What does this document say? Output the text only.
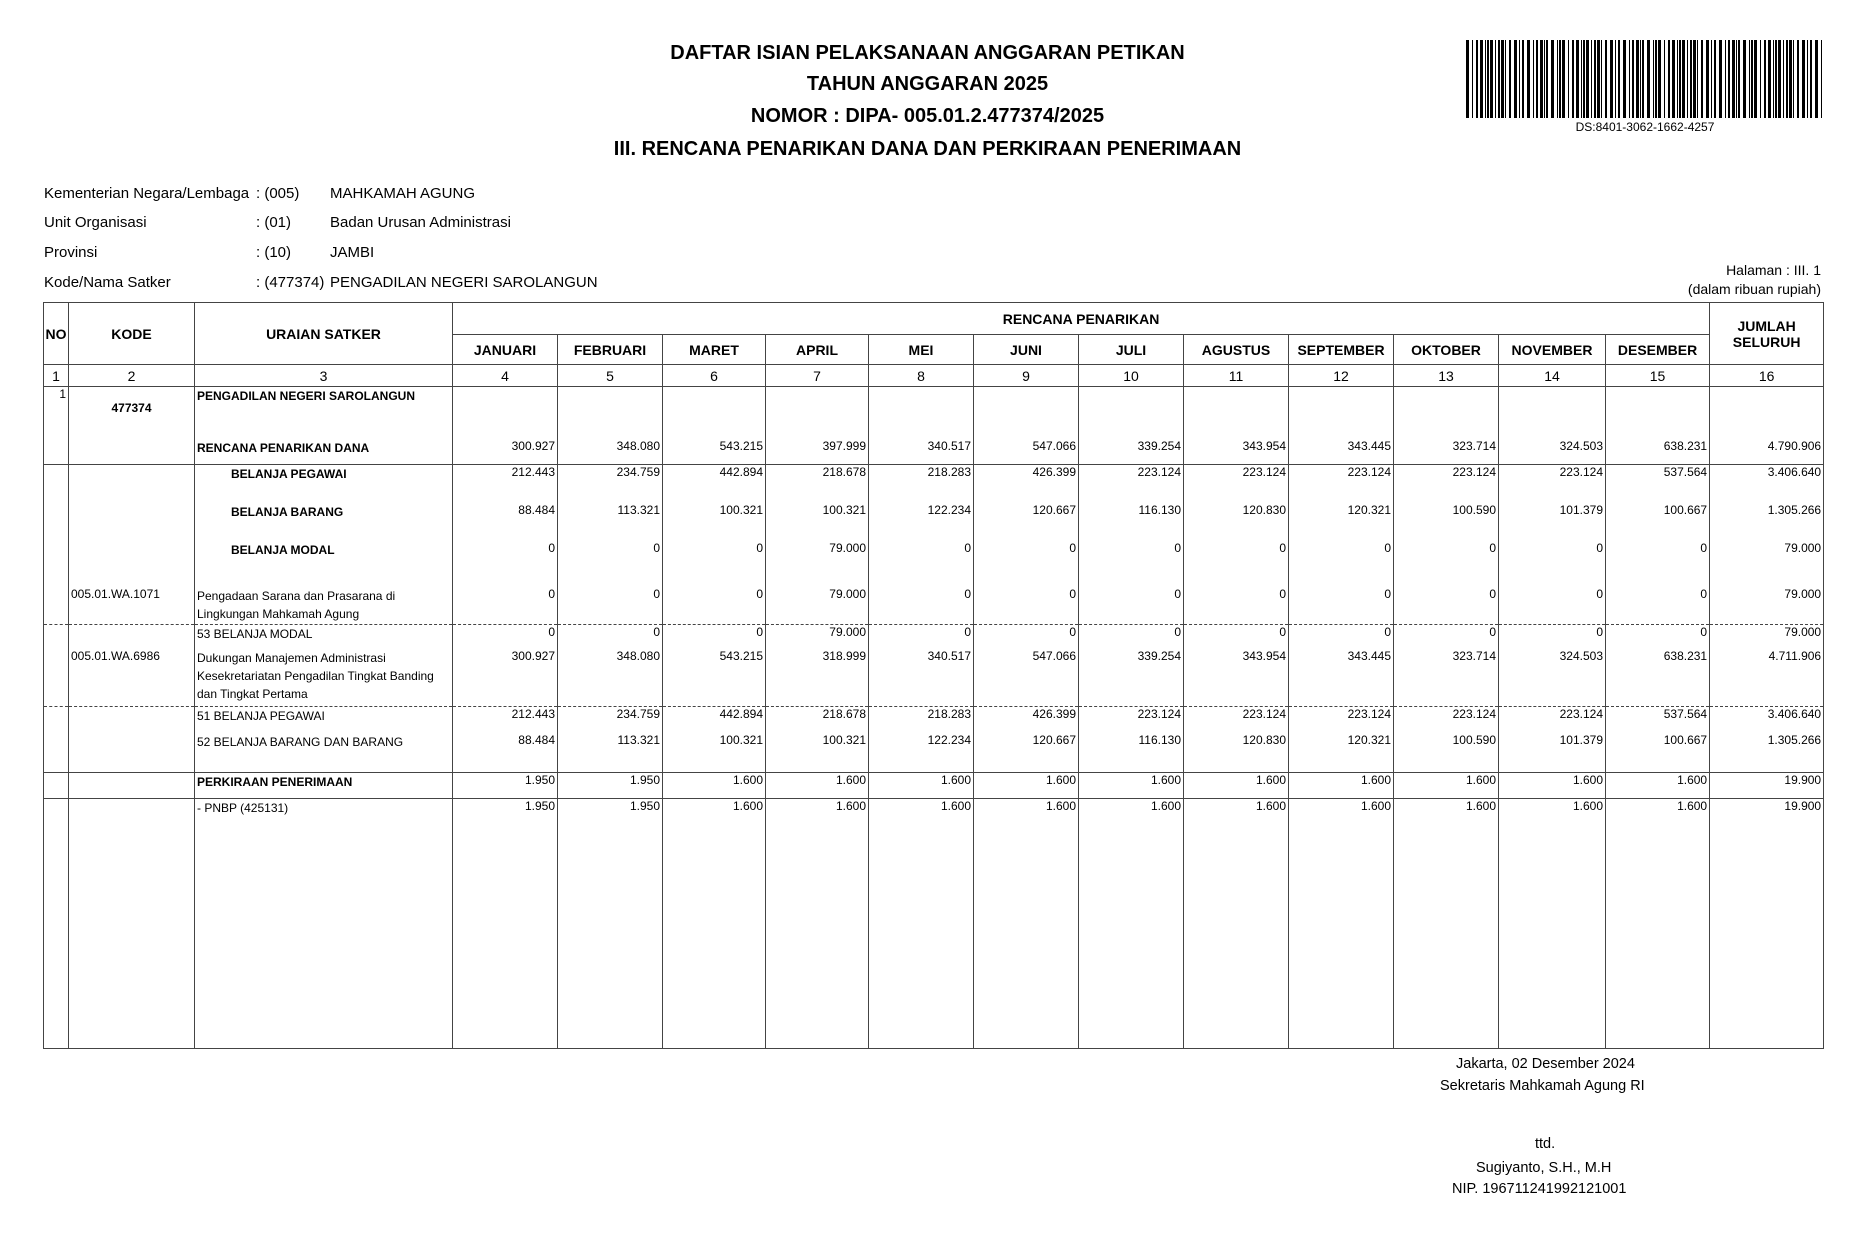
DAFTAR ISIAN PELAKSANAAN ANGGARAN PETIKAN
TAHUN ANGGARAN 2025
NOMOR : DIPA- 005.01.2.477374/2025
III. RENCANA PENARIKAN DANA DAN PERKIRAAN PENERIMAAN
DS:8401-3062-1662-4257
Kementerian Negara/Lembaga : (005) MAHKAMAH AGUNG
Unit Organisasi	: (01)	Badan Urusan Administrasi
Provinsi	: (10)	JAMBI
Kode/Nama Satker	: (477374) PENGADILAN NEGERI SAROLANGUN
Halaman : III. 1
(dalam ribuan rupiah)
NO	KODE	URAIAN SATKER	RENCANA PENARIKAN												JUMLAH SELURUH
			JANUARI	FEBRUARI	MARET	APRIL	MEI	JUNI	JULI	AGUSTUS	SEPTEMBER	OKTOBER	NOVEMBER	DESEMBER	
1	2	3	4	5	6	7	8	9	10	11	12	13	14	15	16
1	477374	PENGADILAN NEGERI SAROLANGUN													
		RENCANA PENARIKAN DANA	300.927	348.080	543.215	397.999	340.517	547.066	339.254	343.954	343.445	323.714	324.503	638.231	4.790.906
		BELANJA PEGAWAI	212.443	234.759	442.894	218.678	218.283	426.399	223.124	223.124	223.124	223.124	223.124	537.564	3.406.640
		BELANJA BARANG	88.484	113.321	100.321	100.321	122.234	120.667	116.130	120.830	120.321	100.590	101.379	100.667	1.305.266
		BELANJA MODAL	0	0	0	79.000	0	0	0	0	0	0	0	0	79.000
	005.01.WA.1071	Pengadaan Sarana dan Prasarana di Lingkungan Mahkamah Agung	0	0	0	79.000	0	0	0	0	0	0	0	0	79.000
		53 BELANJA MODAL	0	0	0	79.000	0	0	0	0	0	0	0	0	79.000
	005.01.WA.6986	Dukungan Manajemen Administrasi Kesekretariatan Pengadilan Tingkat Banding dan Tingkat Pertama	300.927	348.080	543.215	318.999	340.517	547.066	339.254	343.954	343.445	323.714	324.503	638.231	4.711.906
		51 BELANJA PEGAWAI	212.443	234.759	442.894	218.678	218.283	426.399	223.124	223.124	223.124	223.124	223.124	537.564	3.406.640
		52 BELANJA BARANG DAN BARANG	88.484	113.321	100.321	100.321	122.234	120.667	116.130	120.830	120.321	100.590	101.379	100.667	1.305.266
		PERKIRAAN PENERIMAAN	1.950	1.950	1.600	1.600	1.600	1.600	1.600	1.600	1.600	1.600	1.600	1.600	19.900
		- PNBP (425131)	1.950	1.950	1.600	1.600	1.600	1.600	1.600	1.600	1.600	1.600	1.600	1.600	19.900

Jakarta, 02 Desember 2024
Sekretaris Mahkamah Agung RI
ttd.
Sugiyanto, S.H., M.H
NIP. 196711241992121001
